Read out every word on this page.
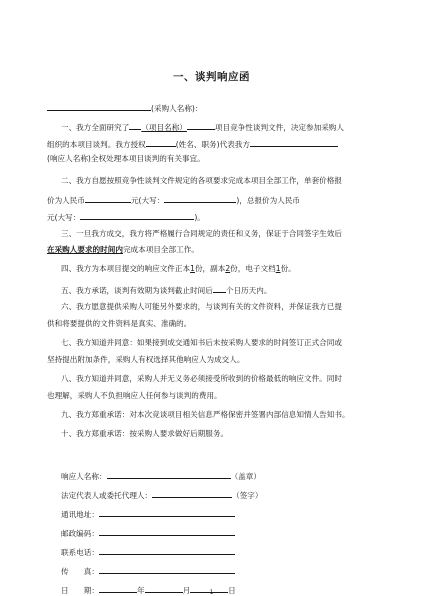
一、谈判响应函
(采购人名称)：
一、我方全面研究了 （项目名称）	项目竞争性谈判文件，决定参加采购人
组织的本项目谈判。我方授权	(姓名、职务)代表我方
(响应人名称)全权处理本项目谈判的有关事宜。
二、我方自愿按照竞争性谈判文件规定的各项要求完成本项目全部工作，单套价格报
价为人民币	元(大写：	)，总报价为人民币
元(大写：	)。
三、一旦我方成交，我方将严格履行合同规定的责任和义务，保证于合同签字生效后
在采购人要求的时间内完成本项目全部工作。
四、我方为本项目提交的响应文件正本1份，副本2份，电子文档1份。
五、我方承诺，谈判有效期为谈判截止时间后 个日历天内。
六、我方愿意提供采购人可能另外要求的，与谈判有关的文件资料，并保证我方已提
供和将要提供的文件资料是真实、准确的。
七、我方知道并同意：如果接到成交通知书后未按采购人要求的时间签订正式合同或
坚持提出附加条件，采购人有权选择其他响应人为成交人。
八、我方知道并同意，采购人并无义务必须接受所收到的价格最低的响应文件。同时
也理解，采购人不负担响应人任何参与谈判的费用。
九、我方郑重承诺：对本次竞谈项目相关信息严格保密并签署内部信息知情人告知书。
十、我方郑重承诺：按采购人要求做好后期服务。
响应人名称：	（盖章）
法定代表人或委托代理人：	（签字）
通讯地址：
邮政编码：
联系电话：
传　　真：
日　　期：	年	月	日
1
